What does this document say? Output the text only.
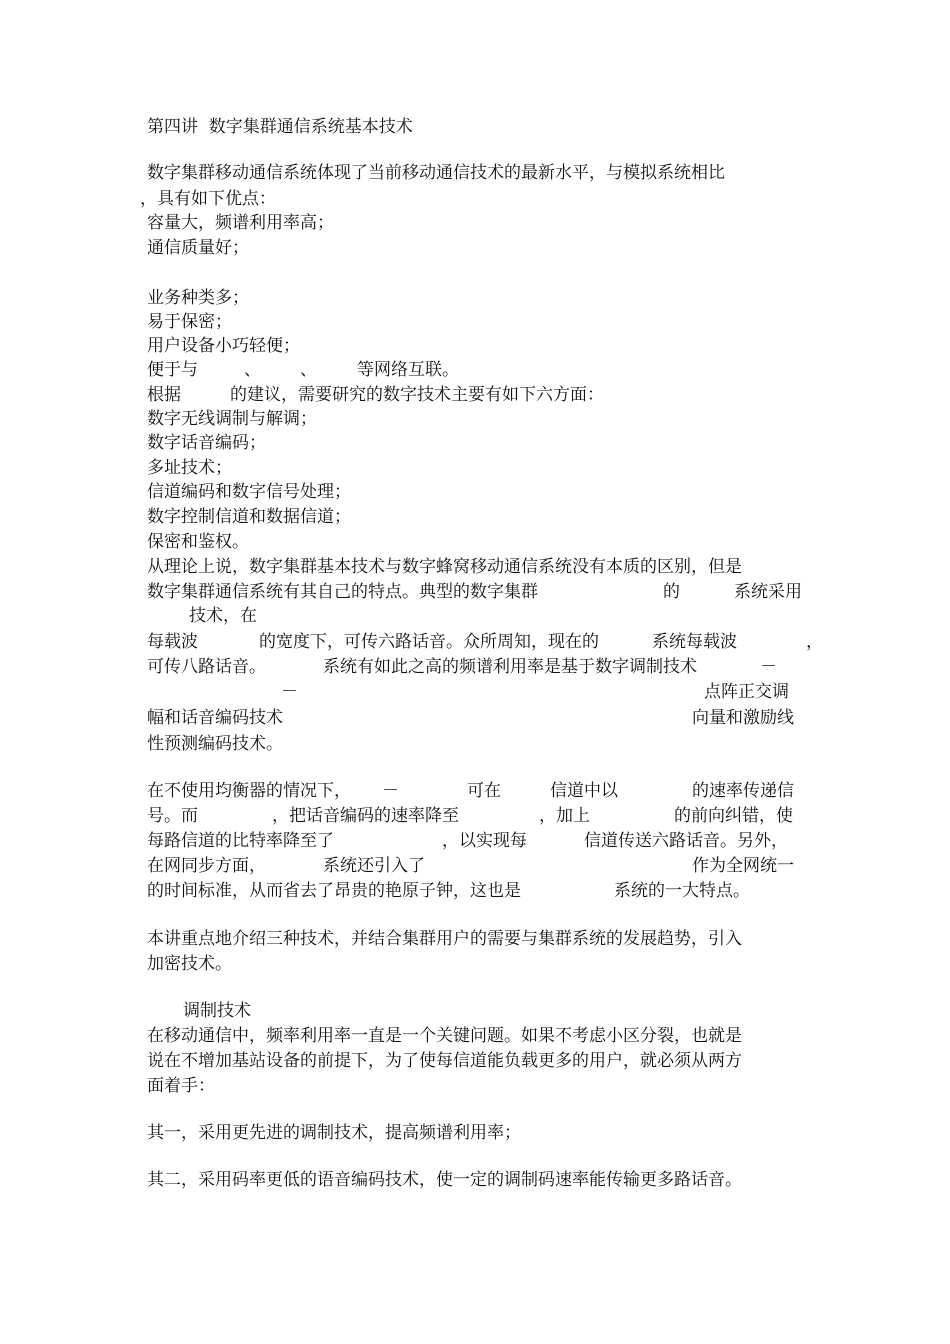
第四讲  数字集群通信系统基本技术
数字集群移动通信系统体现了当前移动通信技术的最新水平，与模拟系统相比
，具有如下优点：
容量大，频谱利用率高；
通信质量好；
业务种类多；
易于保密；
用户设备小巧轻便；
便于与	、 、 等网络互联。
根据	的建议，需要研究的数字技术主要有如下六方面：
数字无线调制与解调；
数字话音编码；
多址技术；
信道编码和数字信号处理；
数字控制信道和数据信道；
保密和鉴权。
从理论上说，数字集群基本技术与数字蜂窝移动通信系统没有本质的区别，但是
数字集群通信系统有其自己的特点。典型的数字集群	的	系统采用
技术，在
每载波	的宽度下，可传六路话音。众所周知，现在的	系统每载波	，
可传八路话音。	系统有如此之高的频谱利用率是基于数字调制技术	－
－	点阵正交调
幅和话音编码技术	向量和激励线
性预测编码技术。
在不使用均衡器的情况下， －	可在	信道中以	的速率传递信
号。而	，把话音编码的速率降至	，加上	的前向纠错，使
每路信道的比特率降至了	，以实现每	信道传送六路话音。另外，
在网同步方面，	系统还引入了	作为全网统一
的时间标准，从而省去了昂贵的艳原子钟，这也是	系统的一大特点。
本讲重点地介绍三种技术，并结合集群用户的需要与集群系统的发展趋势，引入
加密技术。
调制技术
在移动通信中，频率利用率一直是一个关键问题。如果不考虑小区分裂，也就是
说在不增加基站设备的前提下，为了使每信道能负载更多的用户，就必须从两方
面着手：
其一，采用更先进的调制技术，提高频谱利用率；
其二，采用码率更低的语音编码技术，使一定的调制码速率能传输更多路话音。
